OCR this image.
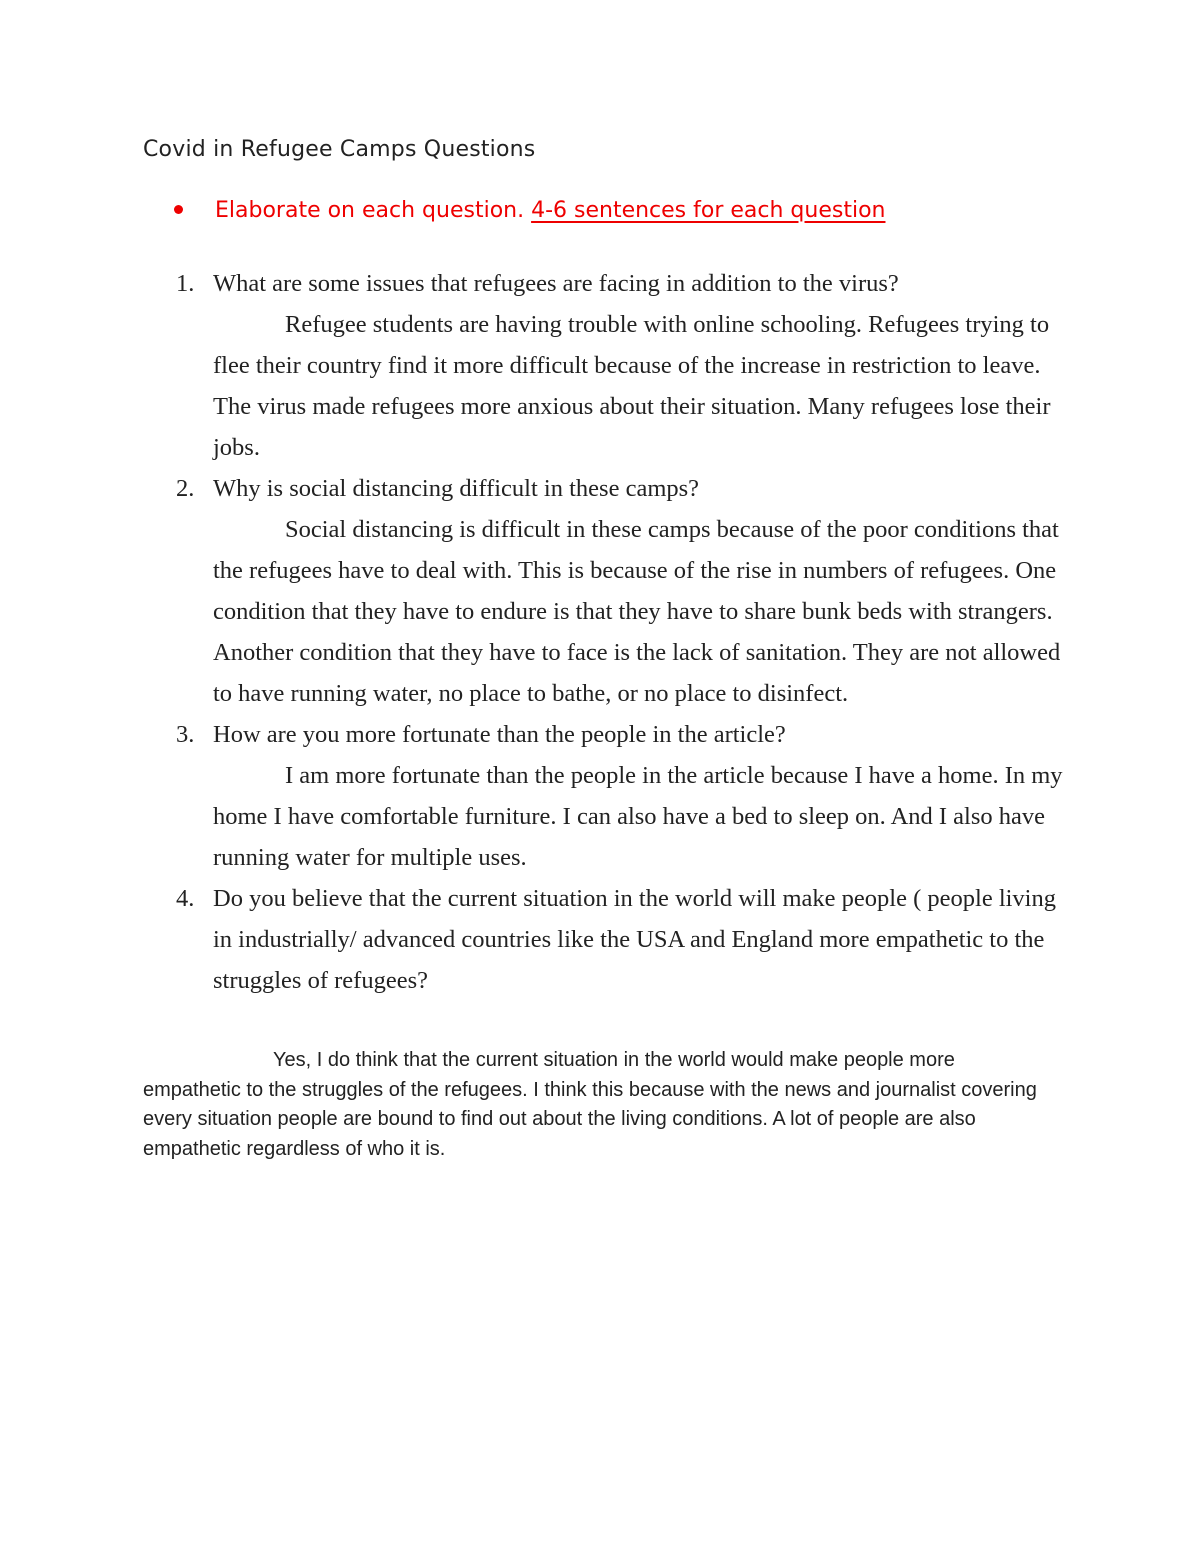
Covid in Refugee Camps Questions
Elaborate on each question. 4-6 sentences for each question
1. What are some issues that refugees are facing in addition to the virus?
Refugee students are having trouble with online schooling. Refugees trying to flee their country find it more difficult because of the increase in restriction to leave. The virus made refugees more anxious about their situation. Many refugees lose their jobs.
2. Why is social distancing difficult in these camps?
Social distancing is difficult in these camps because of the poor conditions that the refugees have to deal with. This is because of the rise in numbers of refugees. One condition that they have to endure is that they have to share bunk beds with strangers. Another condition that they have to face is the lack of sanitation. They are not allowed to have running water, no place to bathe, or no place to disinfect.
3. How are you more fortunate than the people in the article?
I am more fortunate than the people in the article because I have a home. In my home I have comfortable furniture. I can also have a bed to sleep on. And I also have running water for multiple uses.
4. Do you believe that the current situation in the world will make people ( people living in industrially/ advanced countries like the USA and England more empathetic to the struggles of refugees?
Yes, I do think that the current situation in the world would make people more empathetic to the struggles of the refugees. I think this because with the news and journalist covering every situation people are bound to find out about the living conditions. A lot of people are also empathetic regardless of who it is.
